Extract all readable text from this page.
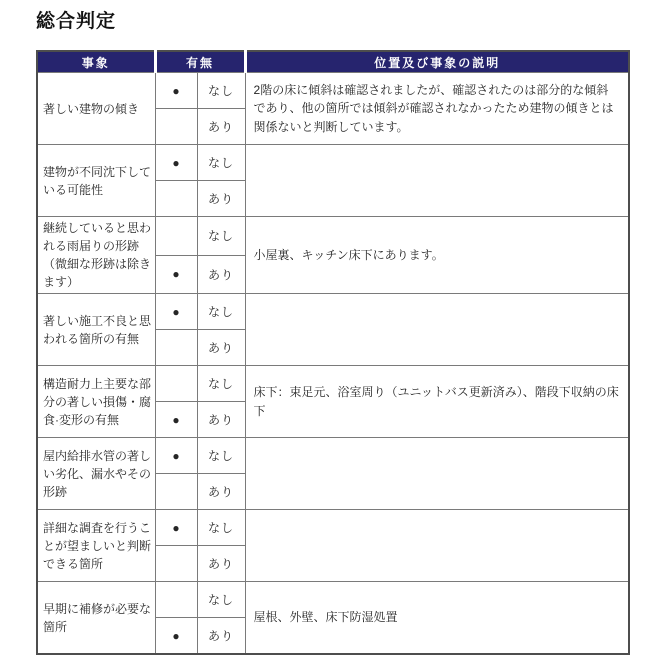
総合判定
事象	有無		位置及び事象の説明
著しい建物の傾き	●	なし	2階の床に傾斜は確認されましたが、確認されたのは部分的な傾斜であり、他の箇所では傾斜が確認されなかったため建物の傾きとは関係ないと判断しています。
		あり	
建物が不同沈下している可能性	●	なし	
		あり	
継続していると思われる雨届りの形跡（微細な形跡は除きます）		なし	小屋裏、キッチン床下にあります。
	●	あり	
著しい施工不良と思われる箇所の有無	●	なし	
		あり	
構造耐力上主要な部分の著しい損傷・腐食·変形の有無		なし	床下：束足元、浴室周り（ユニットバス更新済み）、階段下収納の床下
	●	あり	
屋内給排水管の著しい劣化、漏水やその形跡	●	なし	
		あり	
詳細な調査を行うことが望ましいと判断できる箇所	●	なし	
		あり	
早期に補修が必要な箇所		なし	屋根、外壁、床下防湿処置
	●	あり	
